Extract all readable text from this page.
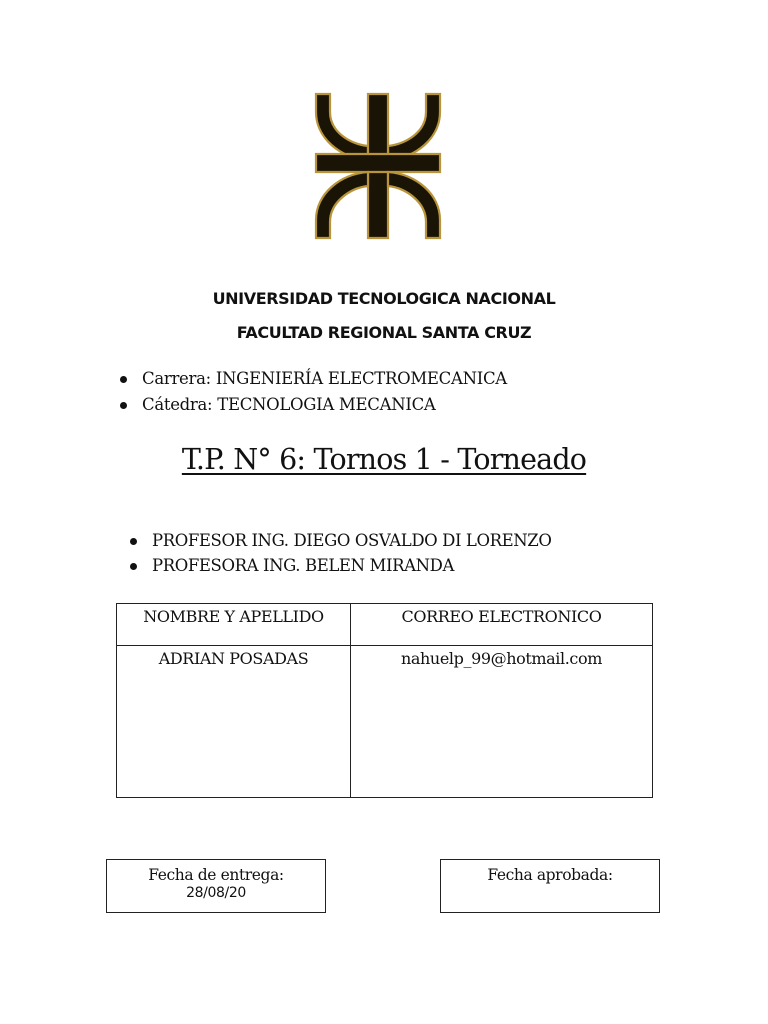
UNIVERSIDAD TECNOLOGICA NACIONAL
FACULTAD REGIONAL SANTA CRUZ
Carrera: INGENIERÍA ELECTROMECANICA
Cátedra: TECNOLOGIA MECANICA
T.P. N° 6: Tornos 1 - Torneado
PROFESOR ING. DIEGO OSVALDO DI LORENZO
PROFESORA ING. BELEN MIRANDA
NOMBRE Y APELLIDO	CORREO ELECTRONICO
ADRIAN POSADAS	nahuelp_99@hotmail.com
Fecha de entrega:
28/08/20
Fecha aprobada:
